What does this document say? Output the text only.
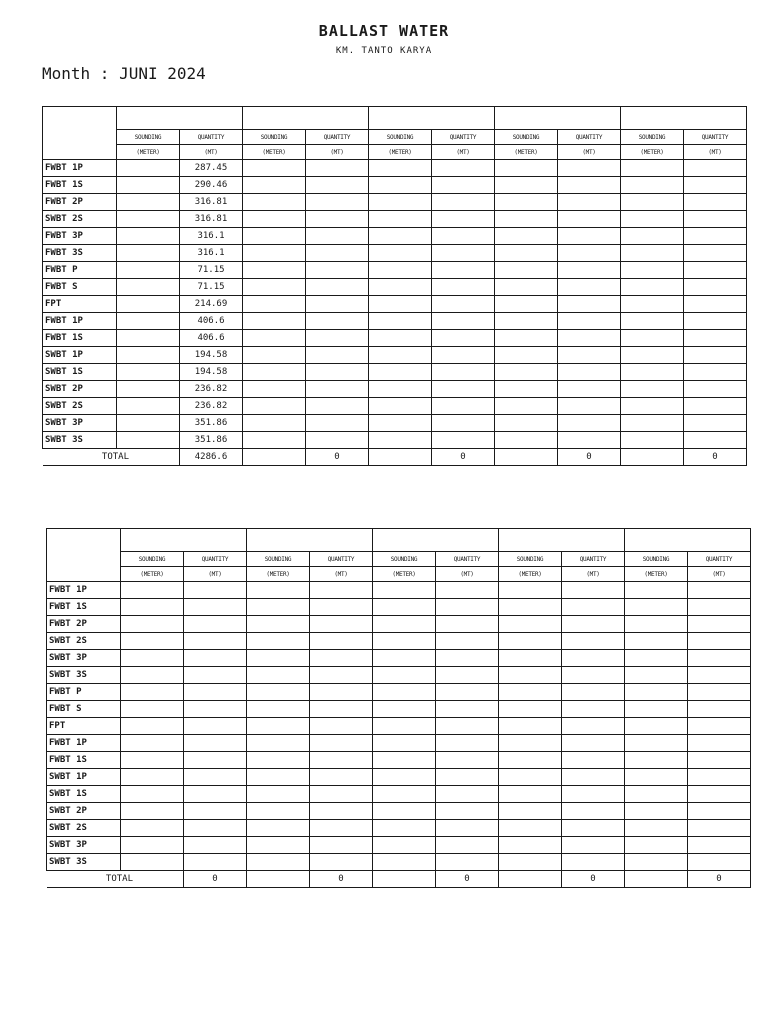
BALLAST WATER
KM. TANTO KARYA
Month : JUNI 2024

	SOUNDING	QUANTITY	SOUNDING	QUANTITY	SOUNDING	QUANTITY	SOUNDING	QUANTITY	SOUNDING	QUANTITY
	(METER)	(MT)	(METER)	(MT)	(METER)	(MT)	(METER)	(MT)	(METER)	(MT)
FWBT 1P		287.45								
FWBT 1S		290.46								
FWBT 2P		316.81								
SWBT 2S		316.81								
FWBT 3P		316.1								
FWBT 3S		316.1								
FWBT P		71.15								
FWBT S		71.15								
FPT		214.69								
FWBT 1P		406.6								
FWBT 1S		406.6								
SWBT 1P		194.58								
SWBT 1S		194.58								
SWBT 2P		236.82								
SWBT 2S		236.82								
SWBT 3P		351.86								
SWBT 3S		351.86								
TOTAL		4286.6		0		0		0		0

	SOUNDING	QUANTITY	SOUNDING	QUANTITY	SOUNDING	QUANTITY	SOUNDING	QUANTITY	SOUNDING	QUANTITY
	(METER)	(MT)	(METER)	(MT)	(METER)	(MT)	(METER)	(MT)	(METER)	(MT)
FWBT 1P										
FWBT 1S										
FWBT 2P										
SWBT 2S										
SWBT 3P										
SWBT 3S										
FWBT P										
FWBT S										
FPT										
FWBT 1P										
FWBT 1S										
SWBT 1P										
SWBT 1S										
SWBT 2P										
SWBT 2S										
SWBT 3P										
SWBT 3S										
TOTAL		0		0		0		0		0
